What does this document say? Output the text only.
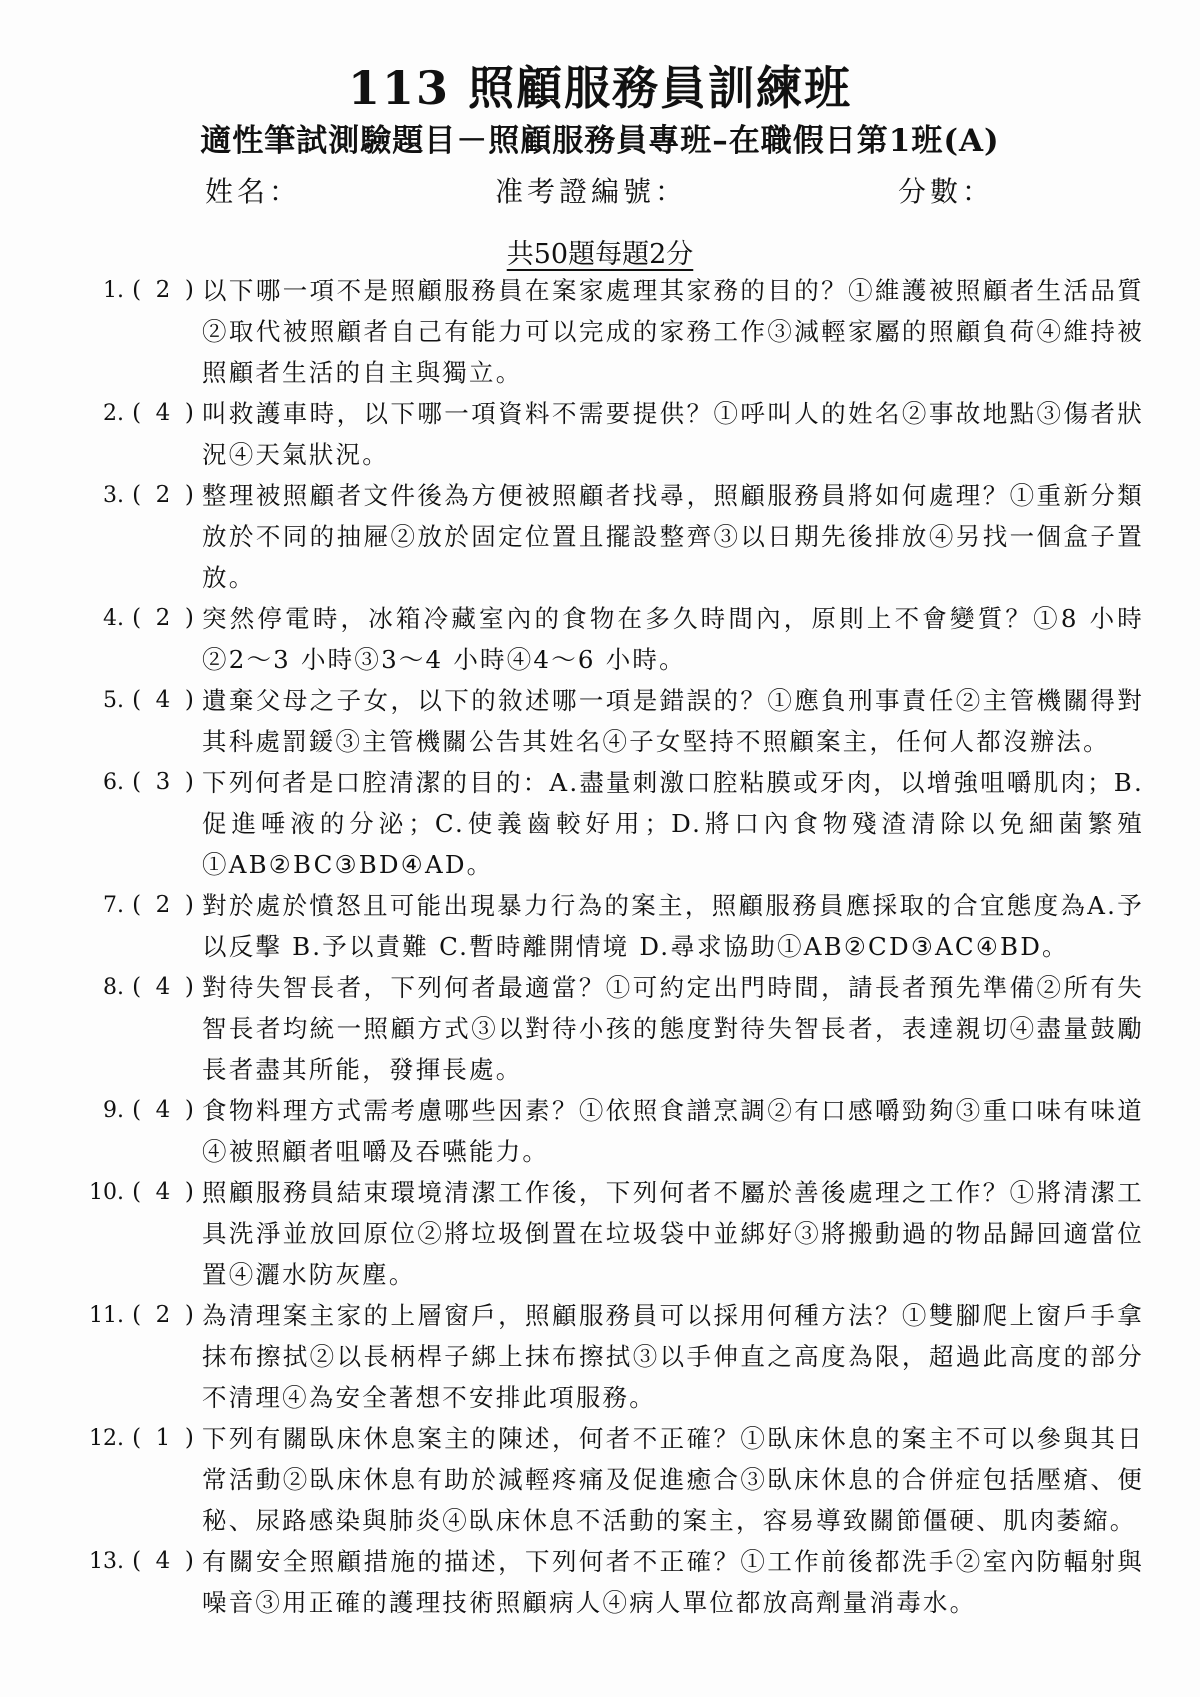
113 照顧服務員訓練班
適性筆試測驗題目－照顧服務員專班–在職假日第1班(A)
姓名：	准考證編號：	分數：
共50題每題2分
1. (  2  ) 以下哪一項不是照顧服務員在案家處理其家務的目的？①維護被照顧者生活品質②取代被照顧者自己有能力可以完成的家務工作③減輕家屬的照顧負荷④維持被照顧者生活的自主與獨立。
2. (  4  ) 叫救護車時，以下哪一項資料不需要提供？①呼叫人的姓名②事故地點③傷者狀況④天氣狀況。
3. (  2  ) 整理被照顧者文件後為方便被照顧者找尋，照顧服務員將如何處理？①重新分類放於不同的抽屜②放於固定位置且擺設整齊③以日期先後排放④另找一個盒子置放。
4. (  2  ) 突然停電時，冰箱冷藏室內的食物在多久時間內，原則上不會變質？①8 小時②2～3 小時③3～4 小時④4～6 小時。
5. (  4  ) 遺棄父母之子女，以下的敘述哪一項是錯誤的？①應負刑事責任②主管機關得對其科處罰鍰③主管機關公告其姓名④子女堅持不照顧案主，任何人都沒辦法。
6. (  3  ) 下列何者是口腔清潔的目的：A.盡量刺激口腔粘膜或牙肉，以增強咀嚼肌肉；B.促進唾液的分泌；C.使義齒較好用；D.將口內食物殘渣清除以免細菌繁殖①AB②BC③BD④AD。
7. (  2  ) 對於處於憤怒且可能出現暴力行為的案主，照顧服務員應採取的合宜態度為A.予以反擊 B.予以責難 C.暫時離開情境 D.尋求協助①AB②CD③AC④BD。
8. (  4  ) 對待失智長者，下列何者最適當？①可約定出門時間，請長者預先準備②所有失智長者均統一照顧方式③以對待小孩的態度對待失智長者，表達親切④盡量鼓勵長者盡其所能，發揮長處。
9. (  4  ) 食物料理方式需考慮哪些因素？①依照食譜烹調②有口感嚼勁夠③重口味有味道④被照顧者咀嚼及吞嚥能力。
10. (  4  ) 照顧服務員結束環境清潔工作後，下列何者不屬於善後處理之工作？①將清潔工具洗淨並放回原位②將垃圾倒置在垃圾袋中並綁好③將搬動過的物品歸回適當位置④灑水防灰塵。
11. (  2  ) 為清理案主家的上層窗戶，照顧服務員可以採用何種方法？①雙腳爬上窗戶手拿抹布擦拭②以長柄桿子綁上抹布擦拭③以手伸直之高度為限，超過此高度的部分不清理④為安全著想不安排此項服務。
12. (  1  ) 下列有關臥床休息案主的陳述，何者不正確？①臥床休息的案主不可以參與其日常活動②臥床休息有助於減輕疼痛及促進癒合③臥床休息的合併症包括壓瘡、便秘、尿路感染與肺炎④臥床休息不活動的案主，容易導致關節僵硬、肌肉萎縮。
13. (  4  ) 有關安全照顧措施的描述，下列何者不正確？①工作前後都洗手②室內防輻射與噪音③用正確的護理技術照顧病人④病人單位都放高劑量消毒水。
